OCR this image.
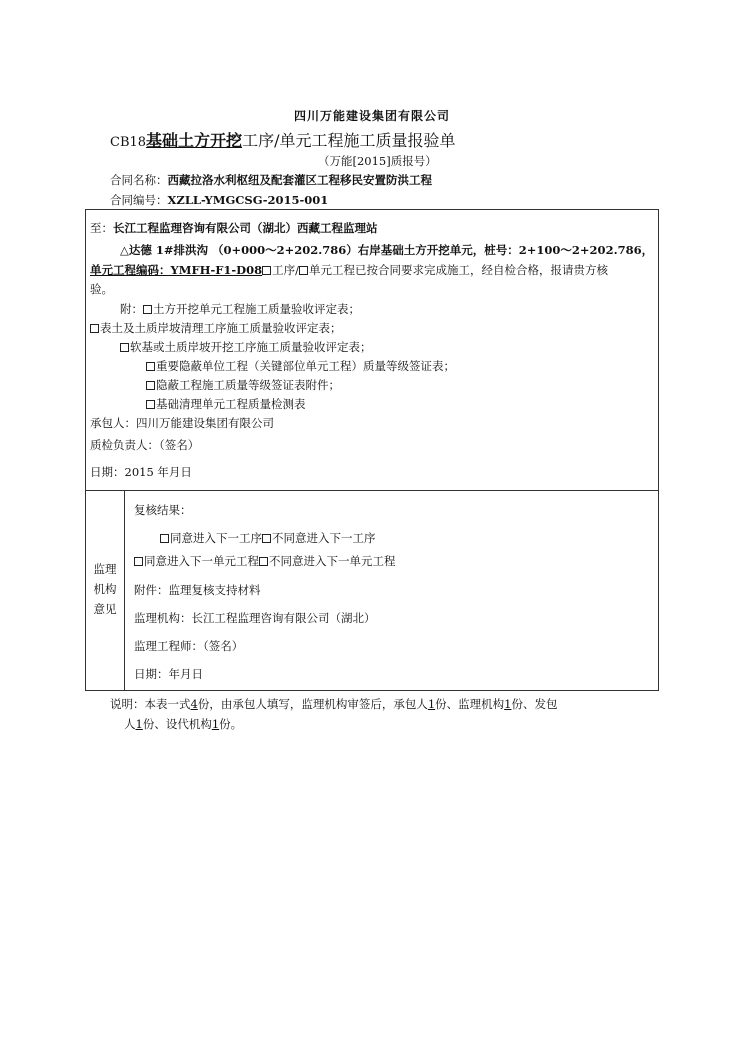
四川万能建设集团有限公司
CB18基础土方开挖工序/单元工程施工质量报验单
（万能[2015]质报号）
合同名称：西藏拉洛水利枢纽及配套灌区工程移民安置防洪工程
合同编号：XZLL-YMGCSG-2015-001
至：长江工程监理咨询有限公司（湖北）西藏工程监理站
△达德 1#排洪沟 （0+000～2+202.786）右岸基础土方开挖单元，桩号：2+100～2+202.786，
单元工程编码：YMFH-F1-D08 工序/ 单元工程已按合同要求完成施工，经自检合格，报请贵方核
验。
附： 土方开挖单元工程施工质量验收评定表；
表土及土质岸坡清理工序施工质量验收评定表；
软基或土质岸坡开挖工序施工质量验收评定表；
重要隐蔽单位工程（关键部位单元工程）质量等级签证表；
隐蔽工程施工质量等级签证表附件；
基础清理单元工程质量检测表
承包人：四川万能建设集团有限公司
质检负责人：（签名）
日期：2015 年月日
监理
机构
意见
复核结果：
同意进入下一工序 不同意进入下一工序
同意进入下一单元工程 不同意进入下一单元工程
附件：监理复核支持材料
监理机构：长江工程监理咨询有限公司（湖北）
监理工程师：（签名）
日期：年月日
说明：本表一式4份，由承包人填写，监理机构审签后，承包人1份、监理机构1份、发包
人1份、设代机构1份。
